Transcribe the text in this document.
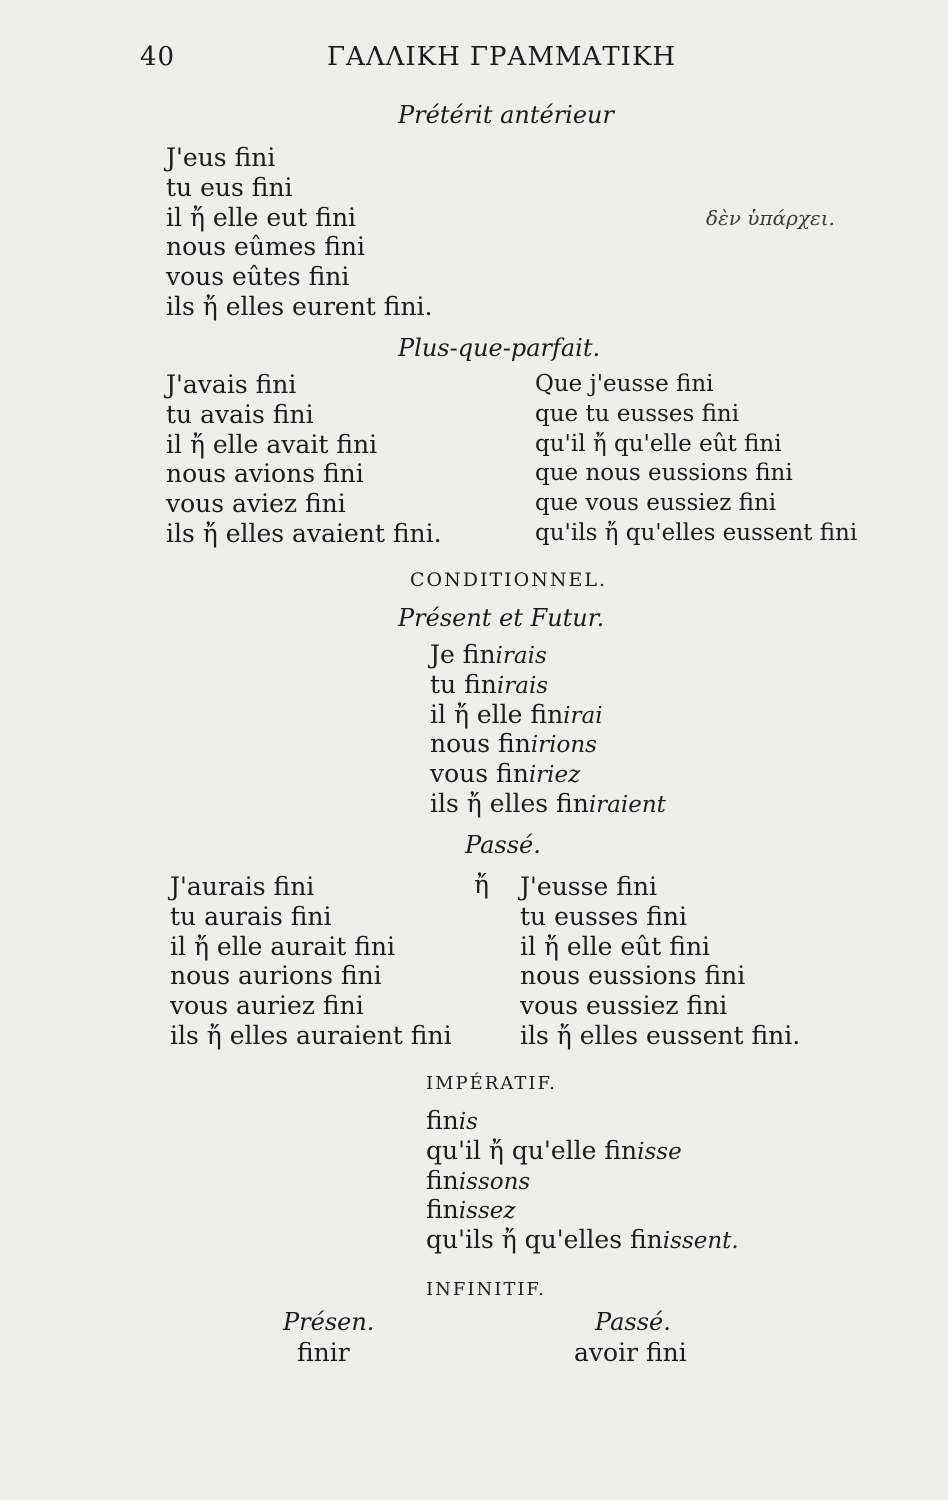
40	ΓΑΛΛΙΚΗ ΓΡΑΜΜΑΤΙΚΗ
Prétérit antérieur
J'eus fini
tu eus fini
il ἤ elle eut fini
nous eûmes fini
vous eûtes fini
ils ἤ elles eurent fini.
δὲν ὑπάρχει.
Plus-que-parfait.
J'avais fini
tu avais fini
il ἤ elle avait fini
nous avions fini
vous aviez fini
ils ἤ elles avaient fini.
Que j'eusse fini
que tu eusses fini
qu'il ἤ qu'elle eût fini
que nous eussions fini
que vous eussiez fini
qu'ils ἤ qu'elles eussent fini
CONDITIONNEL.
Présent et Futur.
Je finirais
tu finirais
il ἤ elle finirai
nous finirions
vous finiriez
ils ἤ elles finiraient
Passé.
J'aurais fini
tu aurais fini
il ἤ elle aurait fini
nous aurions fini
vous auriez fini
ils ἤ elles auraient fini
ἤ J'eusse fini
tu eusses fini
il ἤ elle eût fini
nous eussions fini
vous eussiez fini
ils ἤ elles eussent fini.
IMPÉRATIF.
finis
qu'il ἤ qu'elle finisse
finissons
finissez
qu'ils ἤ qu'elles finissent.
INFINITIF.
Présen.
finir
Passé.
avoir fini
